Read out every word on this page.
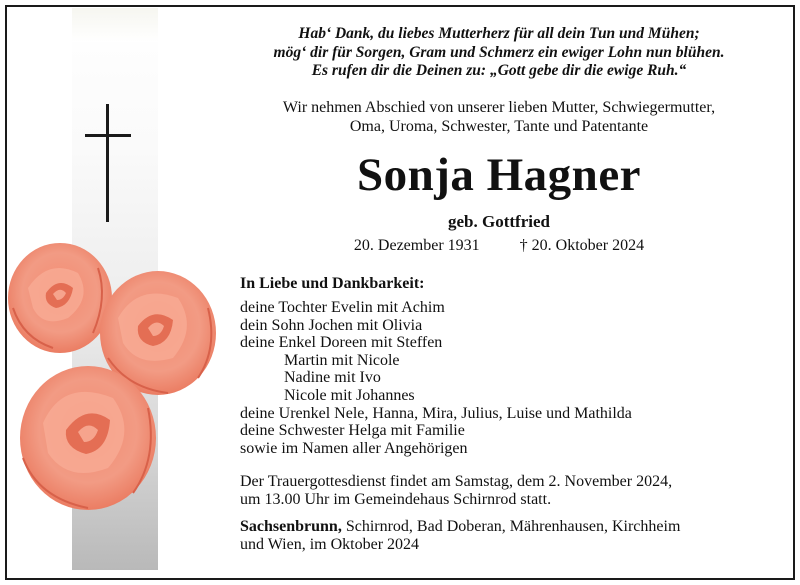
Hab‘ Dank, du liebes Mutterherz für all dein Tun und Mühen;
mög‘ dir für Sorgen, Gram und Schmerz ein ewiger Lohn nun blühen.
Es rufen dir die Deinen zu: „Gott gebe dir die ewige Ruh.“
Wir nehmen Abschied von unserer lieben Mutter, Schwiegermutter,
Oma, Uroma, Schwester, Tante und Patentante
Sonja Hagner
geb. Gottfried
20. Dezember 1931	† 20. Oktober 2024
In Liebe und Dankbarkeit:
deine Tochter Evelin mit Achim
dein Sohn Jochen mit Olivia
deine Enkel Doreen mit Steffen
Martin mit Nicole
Nadine mit Ivo
Nicole mit Johannes
deine Urenkel Nele, Hanna, Mira, Julius, Luise und Mathilda
deine Schwester Helga mit Familie
sowie im Namen aller Angehörigen
Der Trauergottesdienst findet am Samstag, dem 2. November 2024,
um 13.00 Uhr im Gemeindehaus Schirnrod statt.
Sachsenbrunn, Schirnrod, Bad Doberan, Mährenhausen, Kirchheim
und Wien, im Oktober 2024
